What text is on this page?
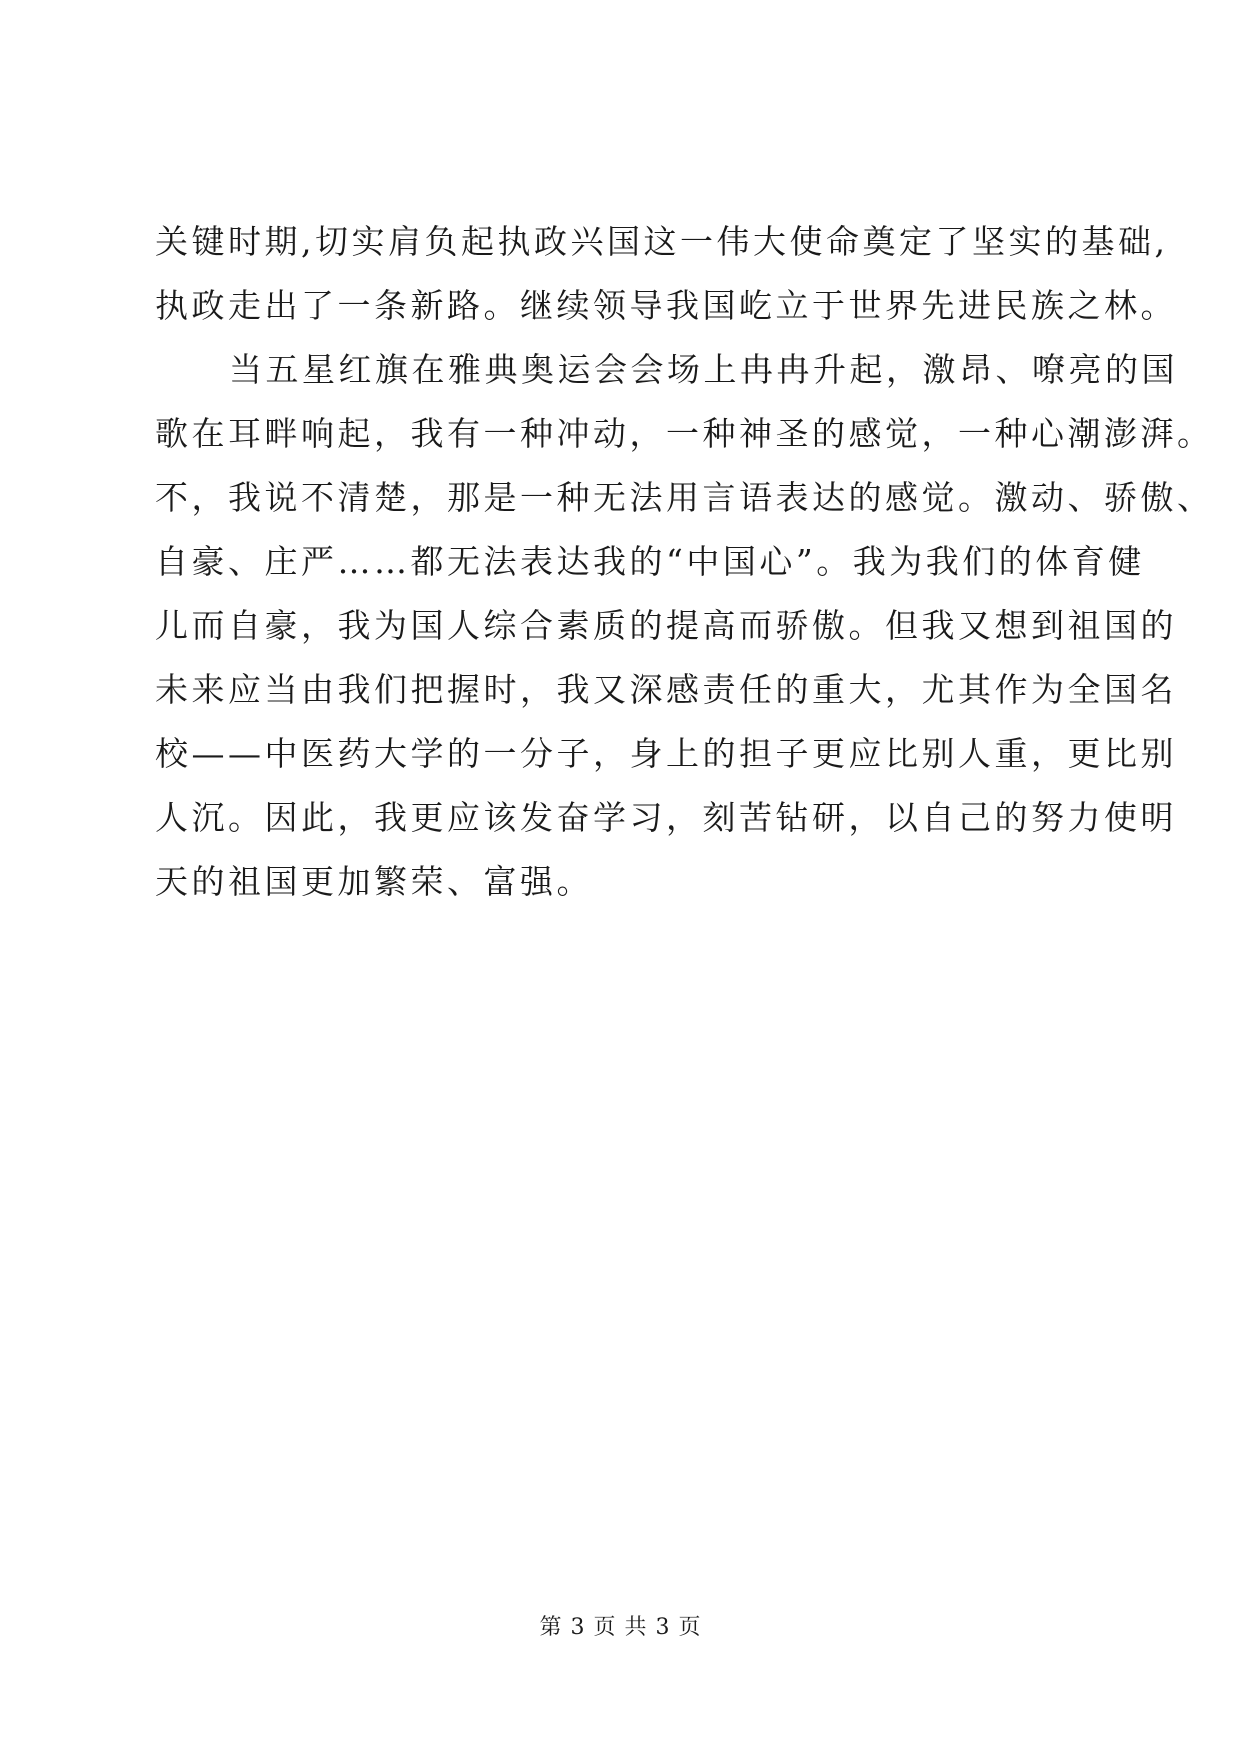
关键时期,切实肩负起执政兴国这一伟大使命奠定了坚实的基础,
执政走出了一条新路。继续领导我国屹立于世界先进民族之林。
当五星红旗在雅典奥运会会场上冉冉升起，激昂、嘹亮的国
歌在耳畔响起，我有一种冲动，一种神圣的感觉，一种心潮澎湃。
不，我说不清楚，那是一种无法用言语表达的感觉。激动、骄傲、
自豪、庄严……都无法表达我的“中国心”。我为我们的体育健
儿而自豪，我为国人综合素质的提高而骄傲。但我又想到祖国的
未来应当由我们把握时，我又深感责任的重大，尤其作为全国名
校——中医药大学的一分子，身上的担子更应比别人重，更比别
人沉。因此，我更应该发奋学习，刻苦钻研，以自己的努力使明
天的祖国更加繁荣、富强。
第 3 页 共 3 页
